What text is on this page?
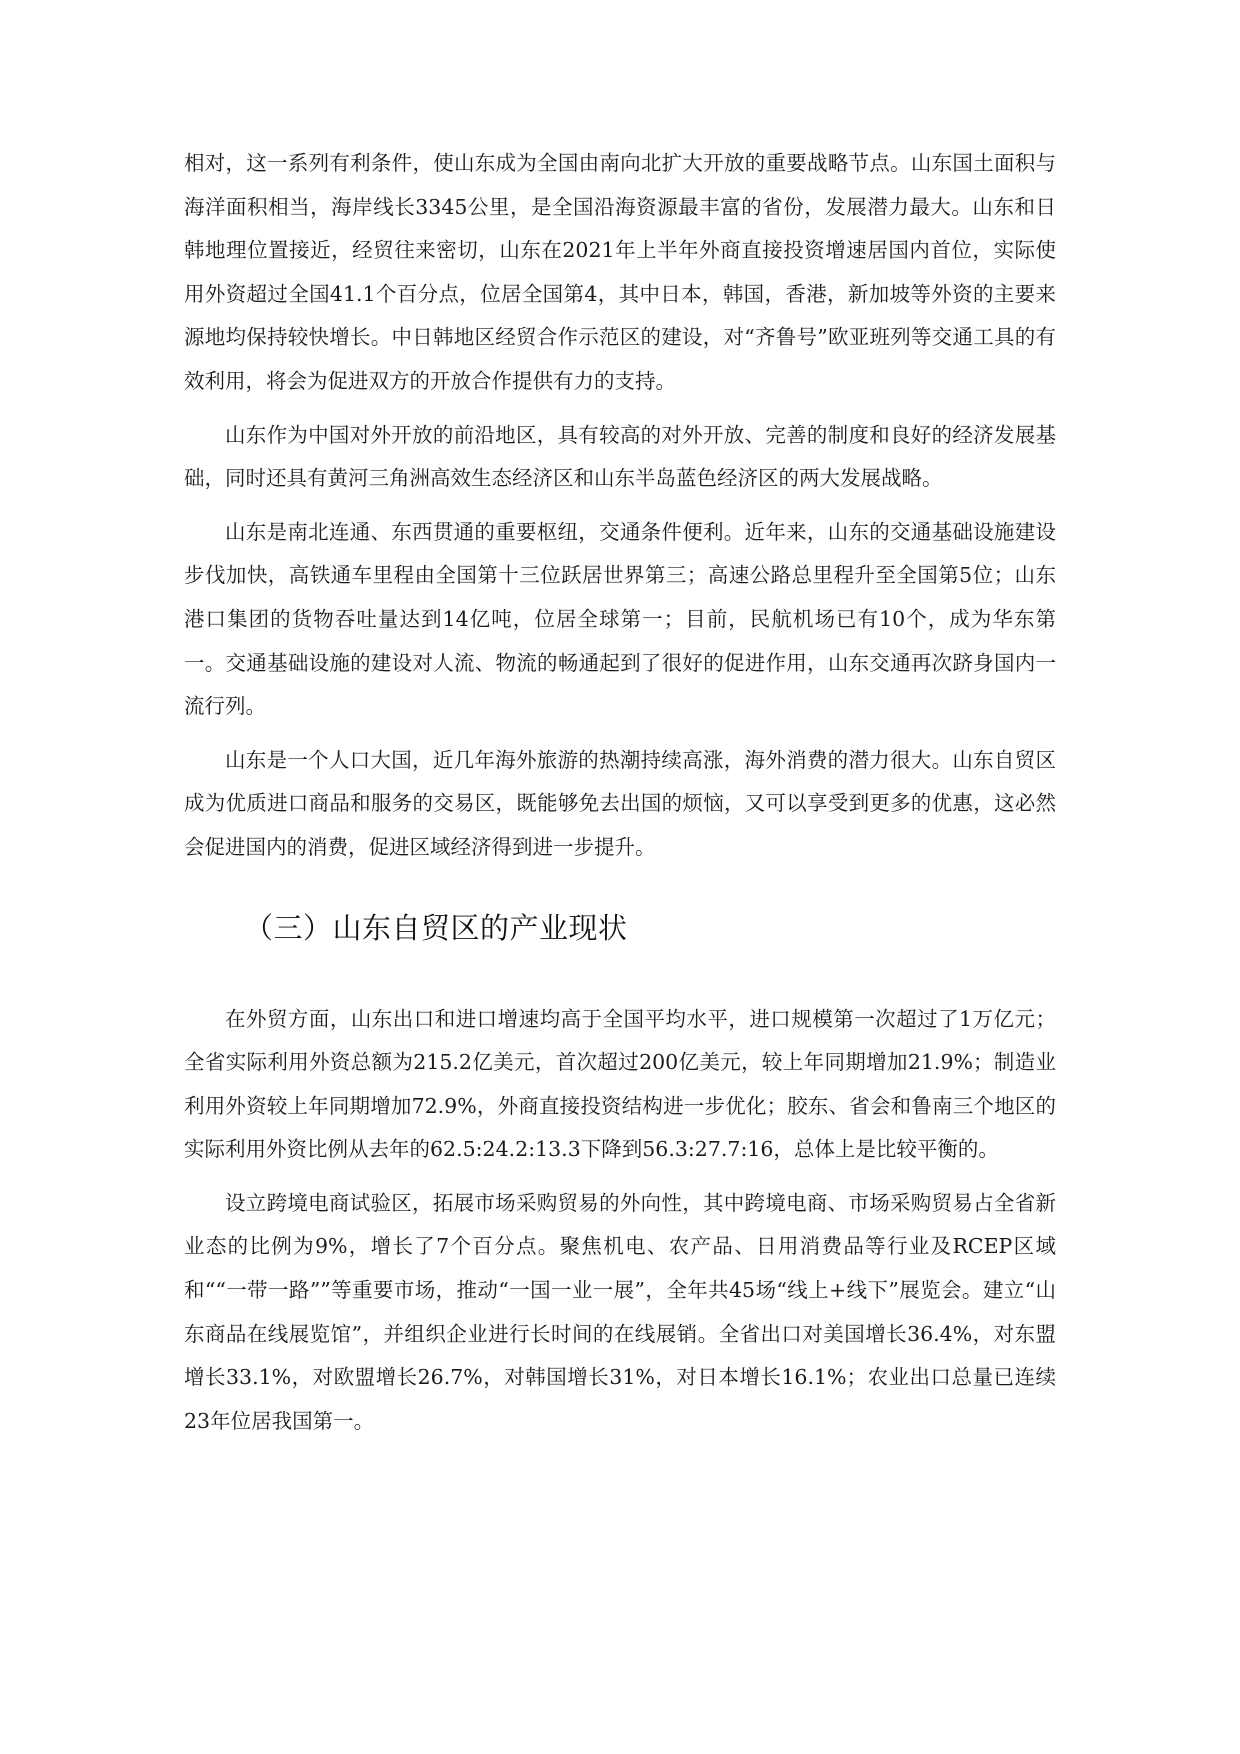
相对，这一系列有利条件，使山东成为全国由南向北扩大开放的重要战略节点。山东国土面积与海洋面积相当，海岸线长3345公里，是全国沿海资源最丰富的省份，发展潜力最大。山东和日韩地理位置接近，经贸往来密切，山东在2021年上半年外商直接投资增速居国内首位，实际使用外资超过全国41.1个百分点，位居全国第4，其中日本，韩国，香港，新加坡等外资的主要来源地均保持较快增长。中日韩地区经贸合作示范区的建设，对“齐鲁号”欧亚班列等交通工具的有效利用，将会为促进双方的开放合作提供有力的支持。

山东作为中国对外开放的前沿地区，具有较高的对外开放、完善的制度和良好的经济发展基础，同时还具有黄河三角洲高效生态经济区和山东半岛蓝色经济区的两大发展战略。

山东是南北连通、东西贯通的重要枢纽，交通条件便利。近年来，山东的交通基础设施建设步伐加快，高铁通车里程由全国第十三位跃居世界第三；高速公路总里程升至全国第5位；山东港口集团的货物吞吐量达到14亿吨，位居全球第一；目前，民航机场已有10个，成为华东第一。交通基础设施的建设对人流、物流的畅通起到了很好的促进作用，山东交通再次跻身国内一流行列。

山东是一个人口大国，近几年海外旅游的热潮持续高涨，海外消费的潜力很大。山东自贸区成为优质进口商品和服务的交易区，既能够免去出国的烦恼，又可以享受到更多的优惠，这必然会促进国内的消费，促进区域经济得到进一步提升。

（三）山东自贸区的产业现状

在外贸方面，山东出口和进口增速均高于全国平均水平，进口规模第一次超过了1万亿元；全省实际利用外资总额为215.2亿美元，首次超过200亿美元，较上年同期增加21.9%；制造业利用外资较上年同期增加72.9%，外商直接投资结构进一步优化；胶东、省会和鲁南三个地区的实际利用外资比例从去年的62.5:24.2:13.3下降到56.3:27.7:16，总体上是比较平衡的。

设立跨境电商试验区，拓展市场采购贸易的外向性，其中跨境电商、市场采购贸易占全省新业态的比例为9%，增长了7个百分点。聚焦机电、农产品、日用消费品等行业及RCEP区域和““一带一路””等重要市场，推动“一国一业一展”，全年共45场“线上+线下”展览会。建立“山东商品在线展览馆”，并组织企业进行长时间的在线展销。全省出口对美国增长36.4%，对东盟增长33.1%，对欧盟增长26.7%，对韩国增长31%，对日本增长16.1%；农业出口总量已连续23年位居我国第一。
